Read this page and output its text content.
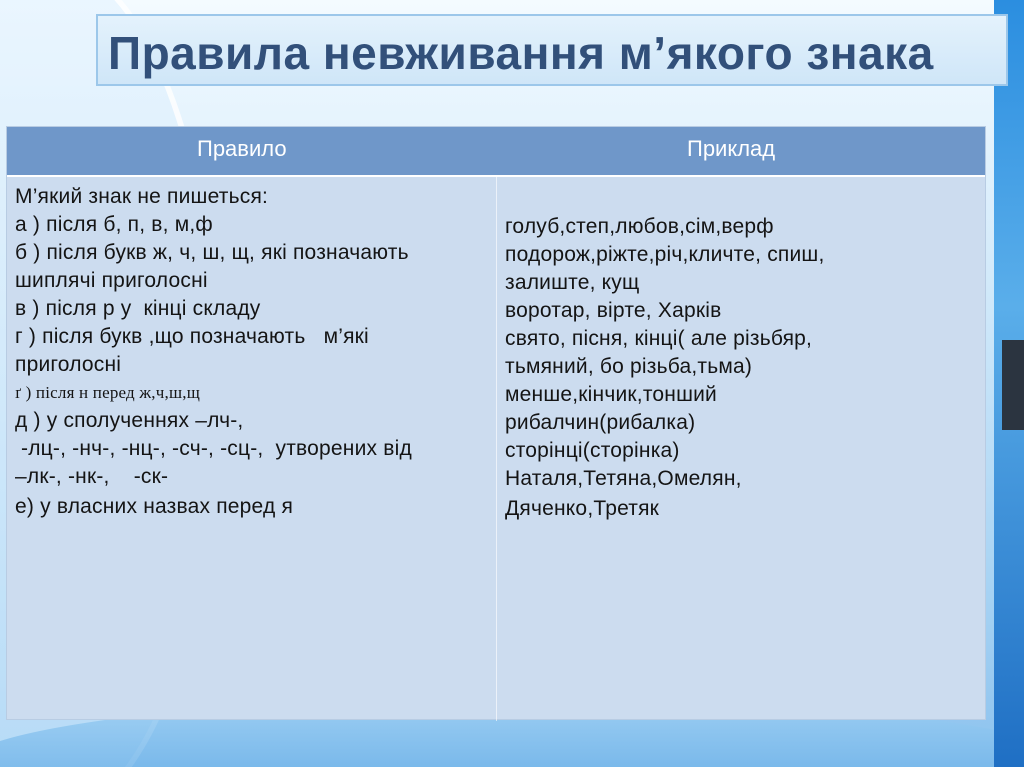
Правила невживання м’якого знака
Правило	Приклад
М’який знак не пишеться:
а ) після б, п, в, м,ф
б ) після букв ж, ч, ш, щ, які позначають
шиплячі приголосні
в ) після р у  кінці складу
г ) після букв ,що позначають   м’які
приголосні
ґ ) після н перед ж,ч,ш,щ
д ) у сполученнях –лч-,
-лц-, -нч-, -нц-, -сч-, -сц-,  утворених від
–лк-, -нк-,    -ск-
е) у власних назвах перед я
голуб,степ,любов,сім,верф
подорож,ріжте,річ,кличте, спиш,
залиште, кущ
воротар, вірте, Харків
свято, пісня, кінці( але різьбяр,
тьмяний, бо різьба,тьма)
менше,кінчик,тонший
рибалчин(рибалка)
сторінці(сторінка)
Наталя,Тетяна,Омелян,
Дяченко,Третяк
